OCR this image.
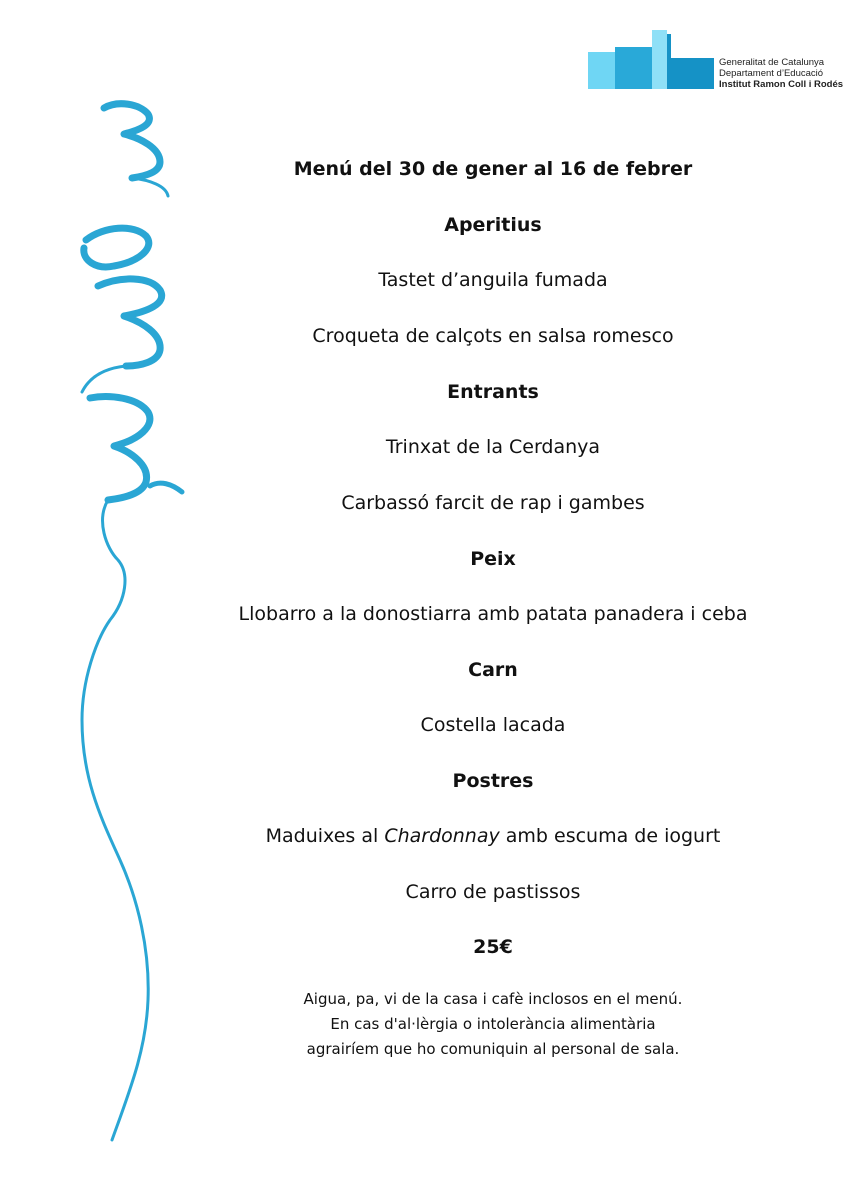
Generalitat de Catalunya
Departament d’Educació
Institut Ramon Coll i Rodés
Menú del 30 de gener al 16 de febrer
Aperitius
Tastet d’anguila fumada
Croqueta de calçots en salsa romesco
Entrants
Trinxat de la Cerdanya
Carbassó farcit de rap i gambes
Peix
Llobarro a la donostiarra amb patata panadera i ceba
Carn
Costella lacada
Postres
Maduixes al Chardonnay amb escuma de iogurt
Carro de pastissos
25€
Aigua, pa, vi de la casa i cafè inclosos en el menú.
En cas d'al·lèrgia o intolerància alimentària
agrairíem que ho comuniquin al personal de sala.
